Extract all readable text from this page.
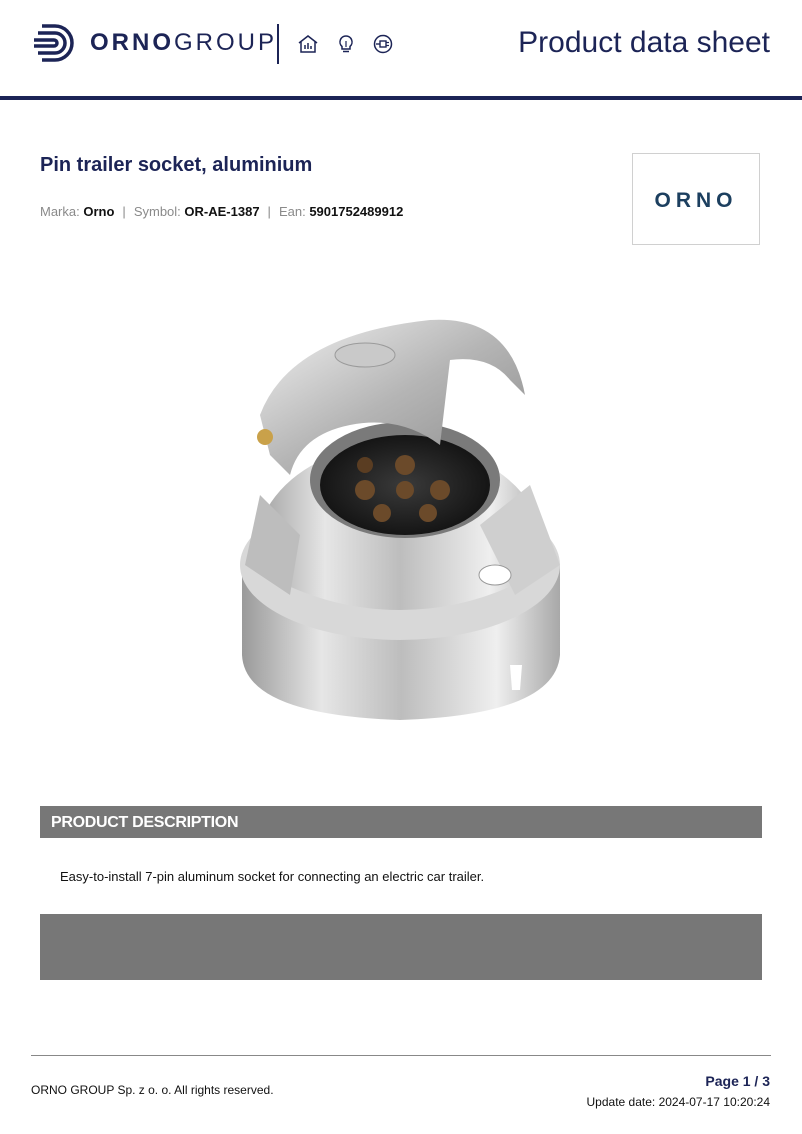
ORNOGROUP	Product data sheet
Pin trailer socket, aluminium
Marka: Orno | Symbol: OR-AE-1387 | Ean: 5901752489912	ORNO
PRODUCT DESCRIPTION
Easy-to-install 7-pin aluminum socket for connecting an electric car trailer.
ORNO GROUP Sp. z o. o. All rights reserved.
Page 1 / 3
Update date: 2024-07-17 10:20:24
